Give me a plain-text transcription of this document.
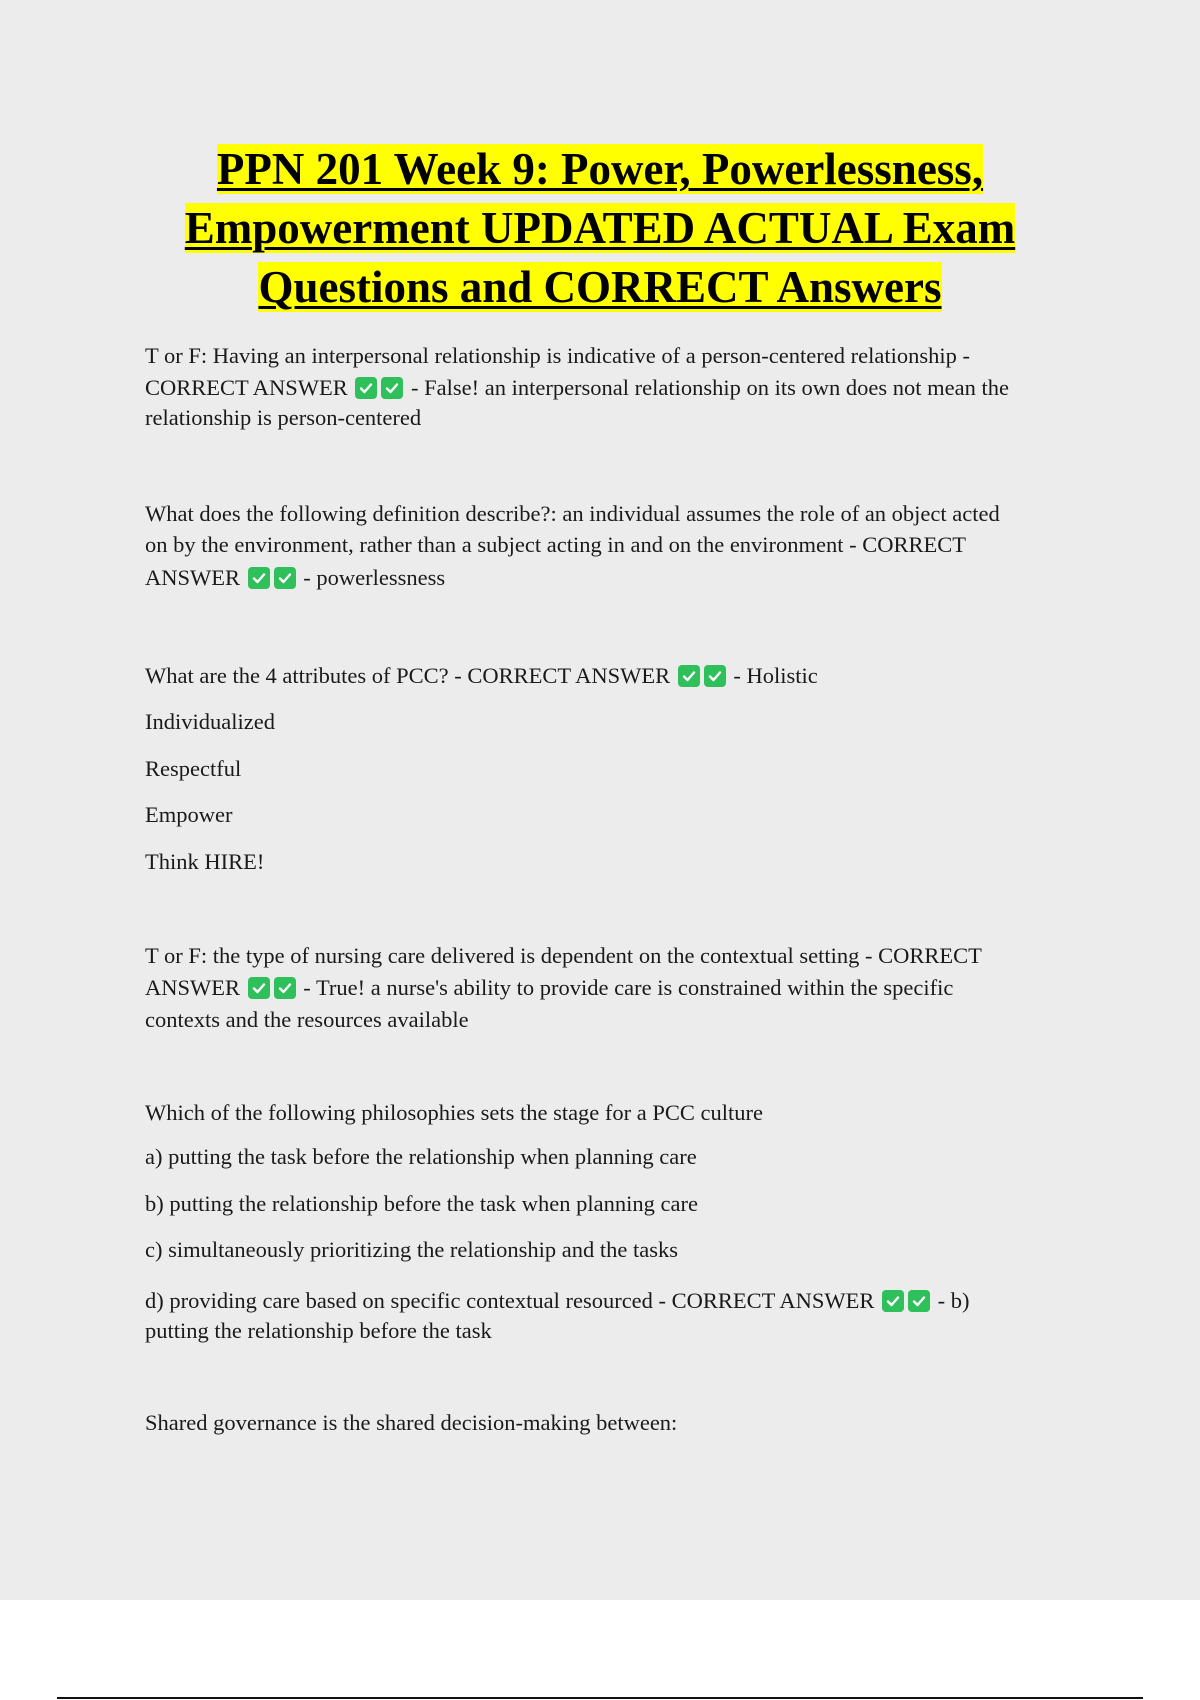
PPN 201 Week 9: Power, Powerlessness,
Empowerment UPDATED ACTUAL Exam
Questions and CORRECT Answers
T or F: Having an interpersonal relationship is indicative of a person-centered relationship -
CORRECT ANSWER	- False! an interpersonal relationship on its own does not mean the
relationship is person-centered
What does the following definition describe?: an individual assumes the role of an object acted
on by the environment, rather than a subject acting in and on the environment - CORRECT
ANSWER	- powerlessness
What are the 4 attributes of PCC? - CORRECT ANSWER	- Holistic
Individualized
Respectful
Empower
Think HIRE!
T or F: the type of nursing care delivered is dependent on the contextual setting - CORRECT
ANSWER	- True! a nurse's ability to provide care is constrained within the specific
contexts and the resources available
Which of the following philosophies sets the stage for a PCC culture
a) putting the task before the relationship when planning care
b) putting the relationship before the task when planning care
c) simultaneously prioritizing the relationship and the tasks
d) providing care based on specific contextual resourced - CORRECT ANSWER	- b)
putting the relationship before the task
Shared governance is the shared decision-making between:
